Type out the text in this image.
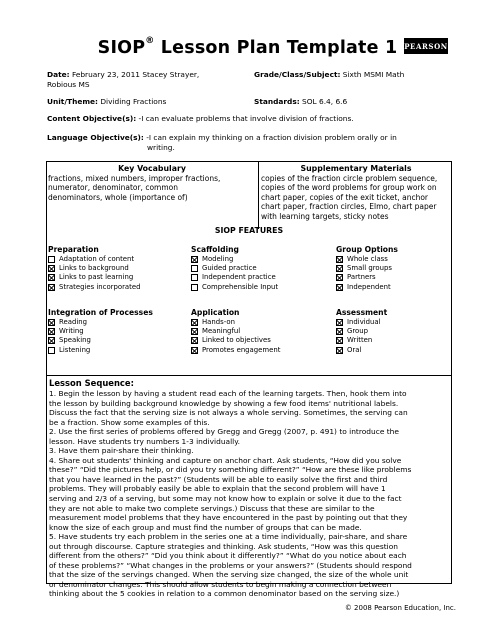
SIOP® Lesson Plan Template 1 PEARSON
Date: February 23, 2011 Stacey Strayer,
Robious MS
Grade/Class/Subject: Sixth MSMI Math
Unit/Theme: Dividing Fractions	Standards: SOL 6.4, 6.6
Content Objective(s): -I can evaluate problems that involve division of fractions.
Language Objective(s): -I can explain my thinking on a fraction division problem orally or in
writing.
Key Vocabulary
fractions, mixed numbers, improper fractions,
numerator, denominator, common
denominators, whole (importance of)
Supplementary Materials
copies of the fraction circle problem sequence,
copies of the word problems for group work on
chart paper, copies of the exit ticket, anchor
chart paper, fraction circles, Elmo, chart paper
with learning targets, sticky notes
SIOP FEATURES
Preparation
Adaptation of content
Links to background
Links to past learning
Strategies incorporated
Scaffolding
Modeling
Guided practice
Independent practice
Comprehensible Input
Group Options
Whole class
Small groups
Partners
Independent
Integration of Processes
Reading
Writing
Speaking
Listening
Application
Hands-on
Meaningful
Linked to objectives
Promotes engagement
Assessment
Individual
Group
Written
Oral
Lesson Sequence:
1. Begin the lesson by having a student read each of the learning targets. Then, hook them into
the lesson by building background knowledge by showing a few food items' nutritional labels.
Discuss the fact that the serving size is not always a whole serving. Sometimes, the serving can
be a fraction. Show some examples of this.
2. Use the first series of problems offered by Gregg and Gregg (2007, p. 491) to introduce the
lesson. Have students try numbers 1-3 individually.
3. Have them pair-share their thinking.
4. Share out students' thinking and capture on anchor chart. Ask students, “How did you solve
these?” “Did the pictures help, or did you try something different?” “How are these like problems
that you have learned in the past?” (Students will be able to easily solve the first and third
problems. They will probably easily be able to explain that the second problem will have 1
serving and 2/3 of a serving, but some may not know how to explain or solve it due to the fact
they are not able to make two complete servings.) Discuss that these are similar to the
measurement model problems that they have encountered in the past by pointing out that they
know the size of each group and must find the number of groups that can be made.
5. Have students try each problem in the series one at a time individually, pair-share, and share
out through discourse. Capture strategies and thinking. Ask students, “How was this question
different from the others?” “Did you think about it differently?” “What do you notice about each
of these problems?” “What changes in the problems or your answers?” (Students should respond
that the size of the servings changed. When the serving size changed, the size of the whole unit
or denominator changes. This should allow students to begin making a connection between
thinking about the 5 cookies in relation to a common denominator based on the serving size.)
© 2008 Pearson Education, Inc.
